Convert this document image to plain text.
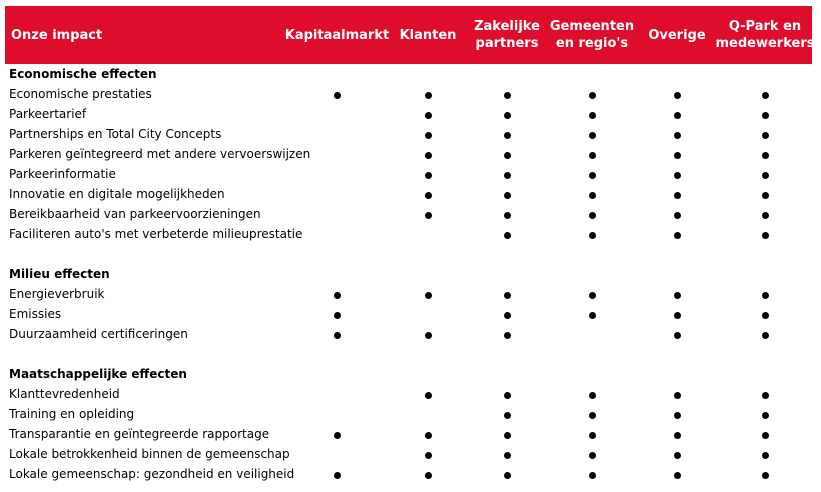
Onze impact	Kapitaalmarkt Klanten
Zakelijke
partners
Gemeenten
en regio's
Overige
Q-Park en
medewerkers
Economische effecten
Economische prestaties
Parkeertarief
Partnerships en Total City Concepts
Parkeren geïntegreerd met andere vervoerswijzen
Parkeerinformatie
Innovatie en digitale mogelijkheden
Bereikbaarheid van parkeervoorzieningen
Faciliteren auto's met verbeterde milieuprestatie
Milieu effecten
Energieverbruik
Emissies
Duurzaamheid certificeringen
Maatschappelijke effecten
Klanttevredenheid
Training en opleiding
Transparantie en geïntegreerde rapportage
Lokale betrokkenheid binnen de gemeenschap
Lokale gemeenschap: gezondheid en veiligheid
